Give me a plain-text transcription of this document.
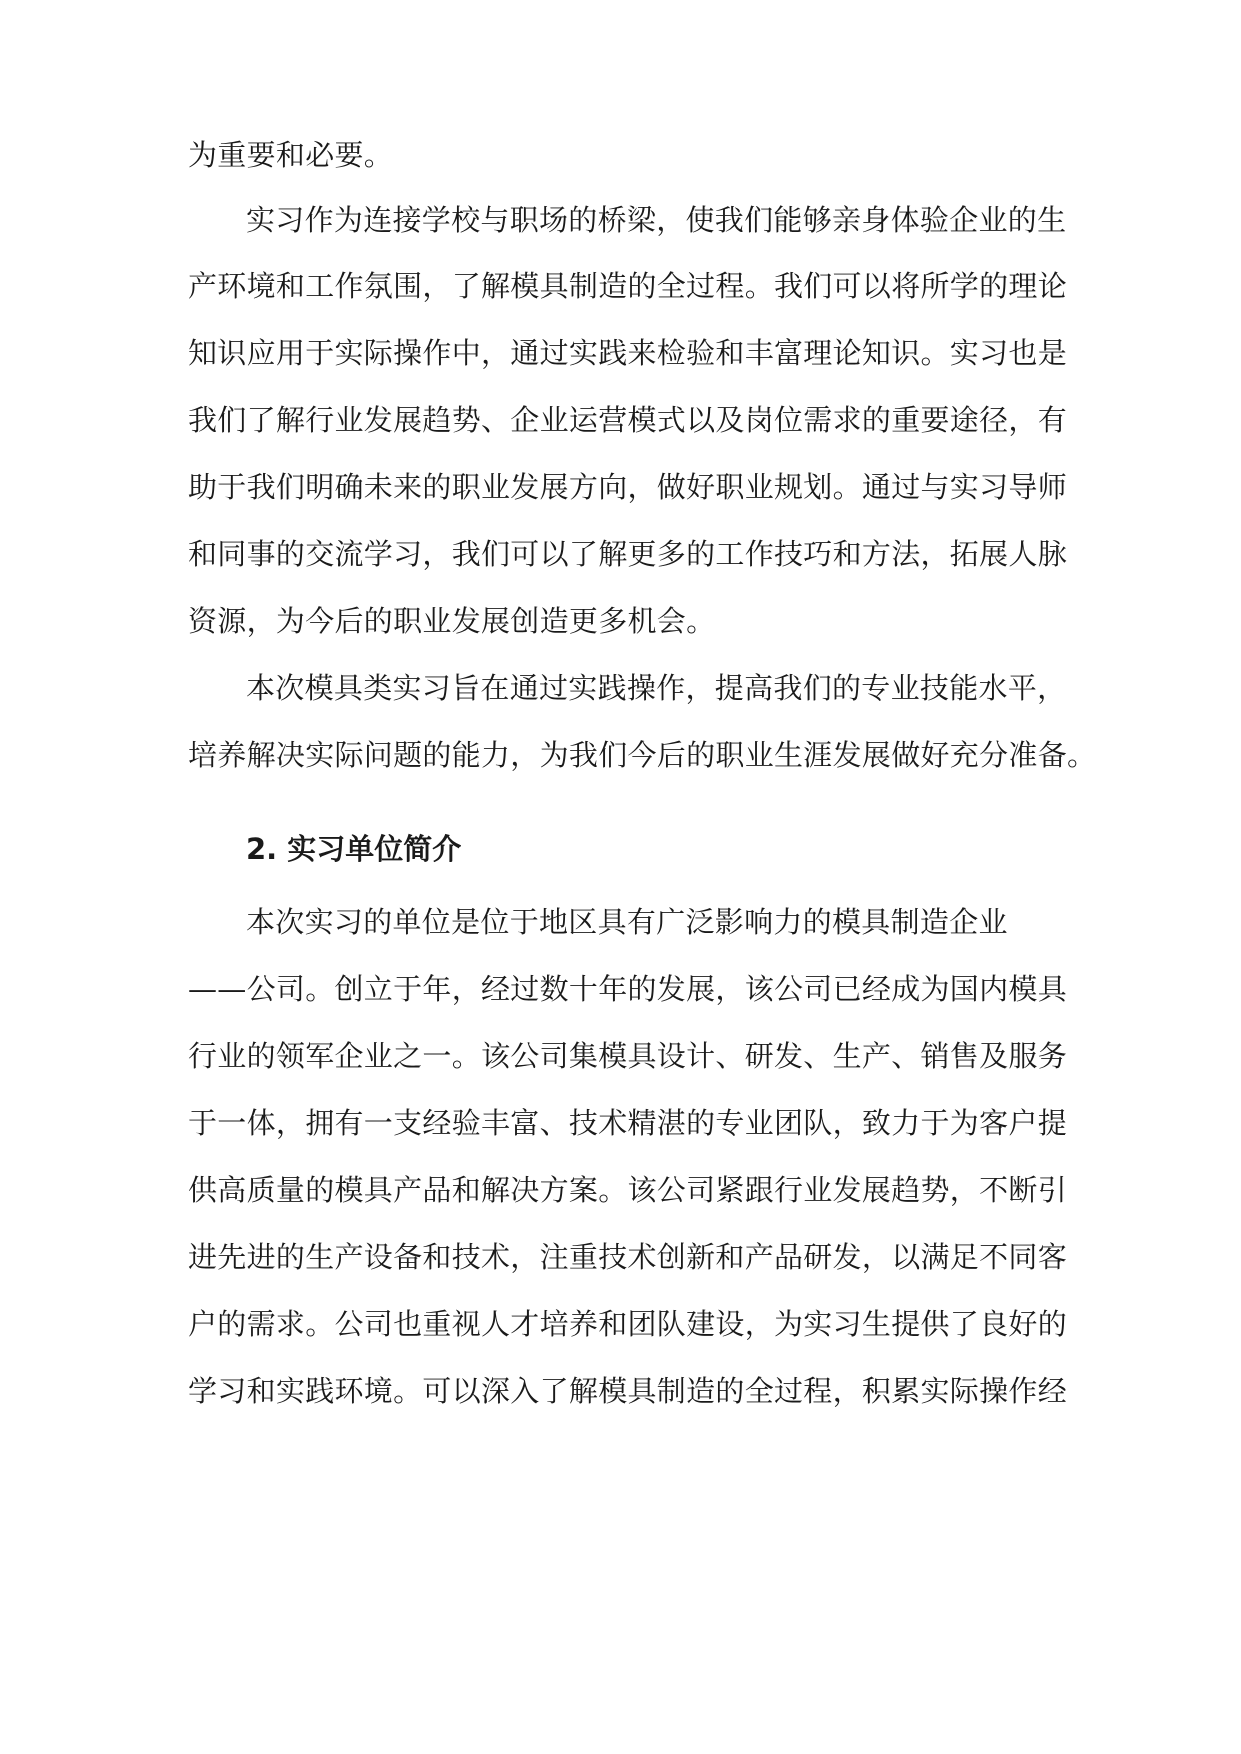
为重要和必要。
实习作为连接学校与职场的桥梁，使我们能够亲身体验企业的生
产环境和工作氛围，了解模具制造的全过程。我们可以将所学的理论
知识应用于实际操作中，通过实践来检验和丰富理论知识。实习也是
我们了解行业发展趋势、企业运营模式以及岗位需求的重要途径，有
助于我们明确未来的职业发展方向，做好职业规划。通过与实习导师
和同事的交流学习，我们可以了解更多的工作技巧和方法，拓展人脉
资源，为今后的职业发展创造更多机会。
本次模具类实习旨在通过实践操作，提高我们的专业技能水平，
培养解决实际问题的能力，为我们今后的职业生涯发展做好充分准备。
2. 实习单位简介
本次实习的单位是位于地区具有广泛影响力的模具制造企业
——公司。创立于年，经过数十年的发展，该公司已经成为国内模具
行业的领军企业之一。该公司集模具设计、研发、生产、销售及服务
于一体，拥有一支经验丰富、技术精湛的专业团队，致力于为客户提
供高质量的模具产品和解决方案。该公司紧跟行业发展趋势，不断引
进先进的生产设备和技术，注重技术创新和产品研发，以满足不同客
户的需求。公司也重视人才培养和团队建设，为实习生提供了良好的
学习和实践环境。可以深入了解模具制造的全过程，积累实际操作经
